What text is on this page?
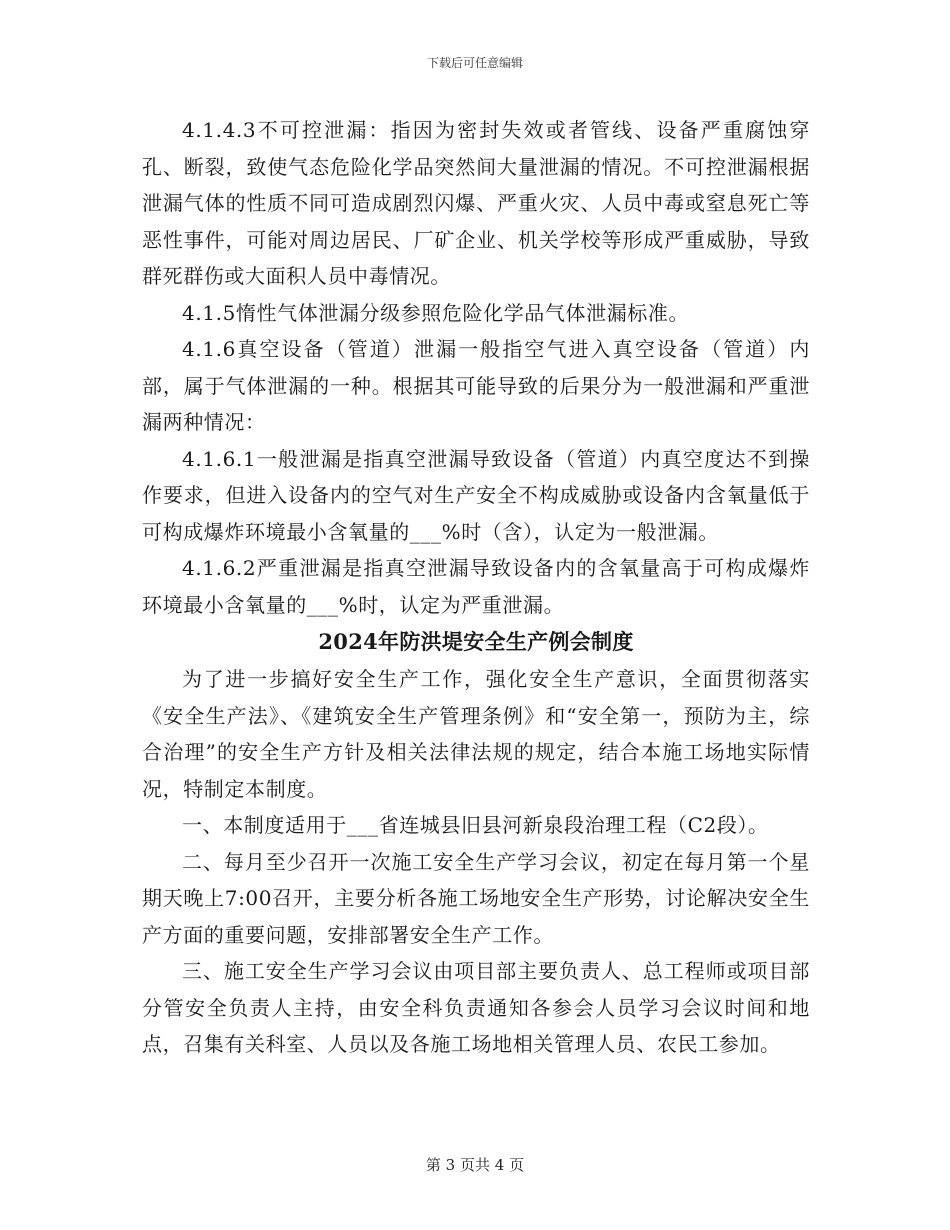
下载后可任意编辑

4.1.4.3不可控泄漏：指因为密封失效或者管线、设备严重腐蚀穿孔、断裂，致使气态危险化学品突然间大量泄漏的情况。不可控泄漏根据泄漏气体的性质不同可造成剧烈闪爆、严重火灾、人员中毒或窒息死亡等恶性事件，可能对周边居民、厂矿企业、机关学校等形成严重威胁，导致群死群伤或大面积人员中毒情况。

4.1.5惰性气体泄漏分级参照危险化学品气体泄漏标准。

4.1.6真空设备（管道）泄漏一般指空气进入真空设备（管道）内部，属于气体泄漏的一种。根据其可能导致的后果分为一般泄漏和严重泄漏两种情况：

4.1.6.1一般泄漏是指真空泄漏导致设备（管道）内真空度达不到操作要求，但进入设备内的空气对生产安全不构成威胁或设备内含氧量低于可构成爆炸环境最小含氧量的___%时（含），认定为一般泄漏。

4.1.6.2严重泄漏是指真空泄漏导致设备内的含氧量高于可构成爆炸环境最小含氧量的___%时，认定为严重泄漏。

2024年防洪堤安全生产例会制度

为了进一步搞好安全生产工作，强化安全生产意识，全面贯彻落实《安全生产法》、《建筑安全生产管理条例》和“安全第一，预防为主，综合治理”的安全生产方针及相关法律法规的规定，结合本施工场地实际情况，特制定本制度。

一、本制度适用于___省连城县旧县河新泉段治理工程（C2段）。

二、每月至少召开一次施工安全生产学习会议，初定在每月第一个星期天晚上7:00召开，主要分析各施工场地安全生产形势，讨论解决安全生产方面的重要问题，安排部署安全生产工作。

三、施工安全生产学习会议由项目部主要负责人、总工程师或项目部分管安全负责人主持，由安全科负责通知各参会人员学习会议时间和地点，召集有关科室、人员以及各施工场地相关管理人员、农民工参加。

第 3 页共 4 页
